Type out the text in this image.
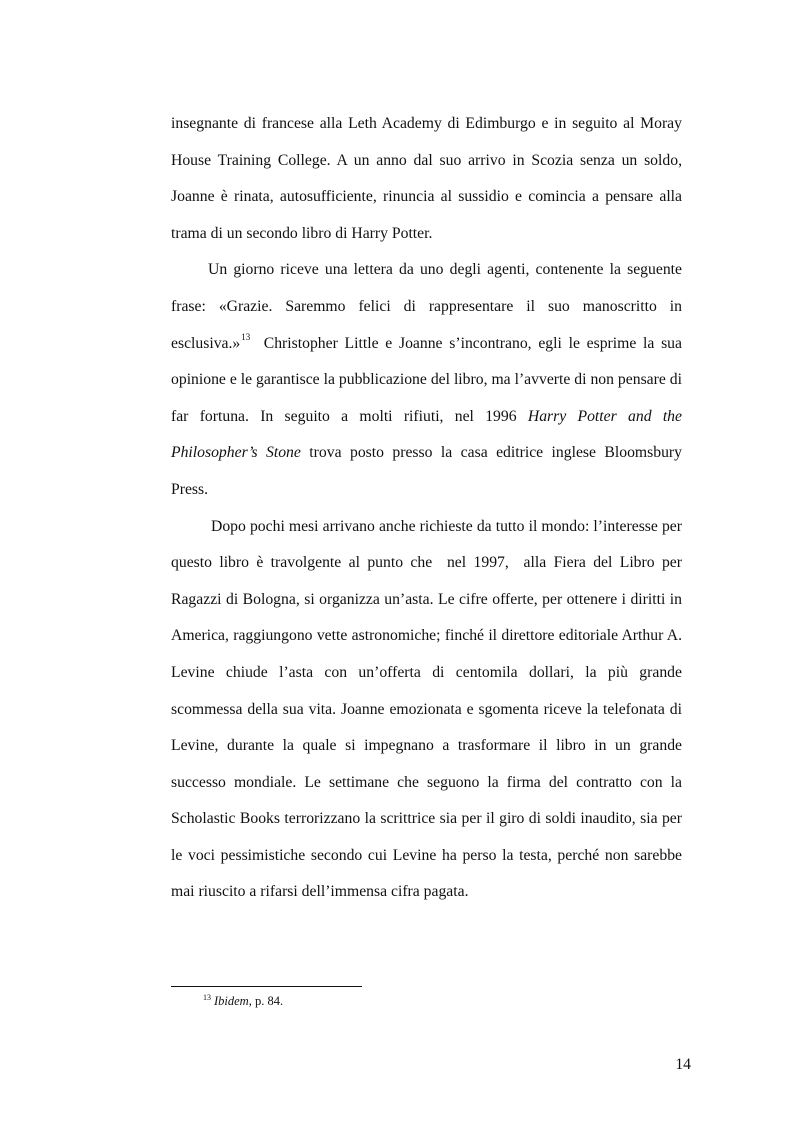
insegnante di francese alla Leth Academy di Edimburgo e in seguito al Moray House Training College. A un anno dal suo arrivo in Scozia senza un soldo, Joanne è rinata, autosufficiente, rinuncia al sussidio e comincia a pensare alla trama di un secondo libro di Harry Potter.

Un giorno riceve una lettera da uno degli agenti, contenente la seguente frase: «Grazie. Saremmo felici di rappresentare il suo manoscritto in esclusiva.»$^{13}$  Christopher Little e Joanne s’incontrano, egli le esprime la sua opinione e le garantisce la pubblicazione del libro, ma l’avverte di non pensare di far fortuna. In seguito a molti rifiuti, nel 1996 Harry Potter and the Philosopher’s Stone trova posto presso la casa editrice inglese Bloomsbury Press.

Dopo pochi mesi arrivano anche richieste da tutto il mondo: l’interesse per questo libro è travolgente al punto che  nel 1997,  alla Fiera del Libro per Ragazzi di Bologna, si organizza un’asta. Le cifre offerte, per ottenere i diritti in America, raggiungono vette astronomiche; finché il direttore editoriale Arthur A. Levine chiude l’asta con un’offerta di centomila dollari, la più grande scommessa della sua vita. Joanne emozionata e sgomenta riceve la telefonata di Levine, durante la quale si impegnano a trasformare il libro in un grande successo mondiale. Le settimane che seguono la firma del contratto con la Scholastic Books terrorizzano la scrittrice sia per il giro di soldi inaudito, sia per le voci pessimistiche secondo cui Levine ha perso la testa, perché non sarebbe mai riuscito a rifarsi dell’immensa cifra pagata.

$^{13}$ Ibidem, p. 84.

14
